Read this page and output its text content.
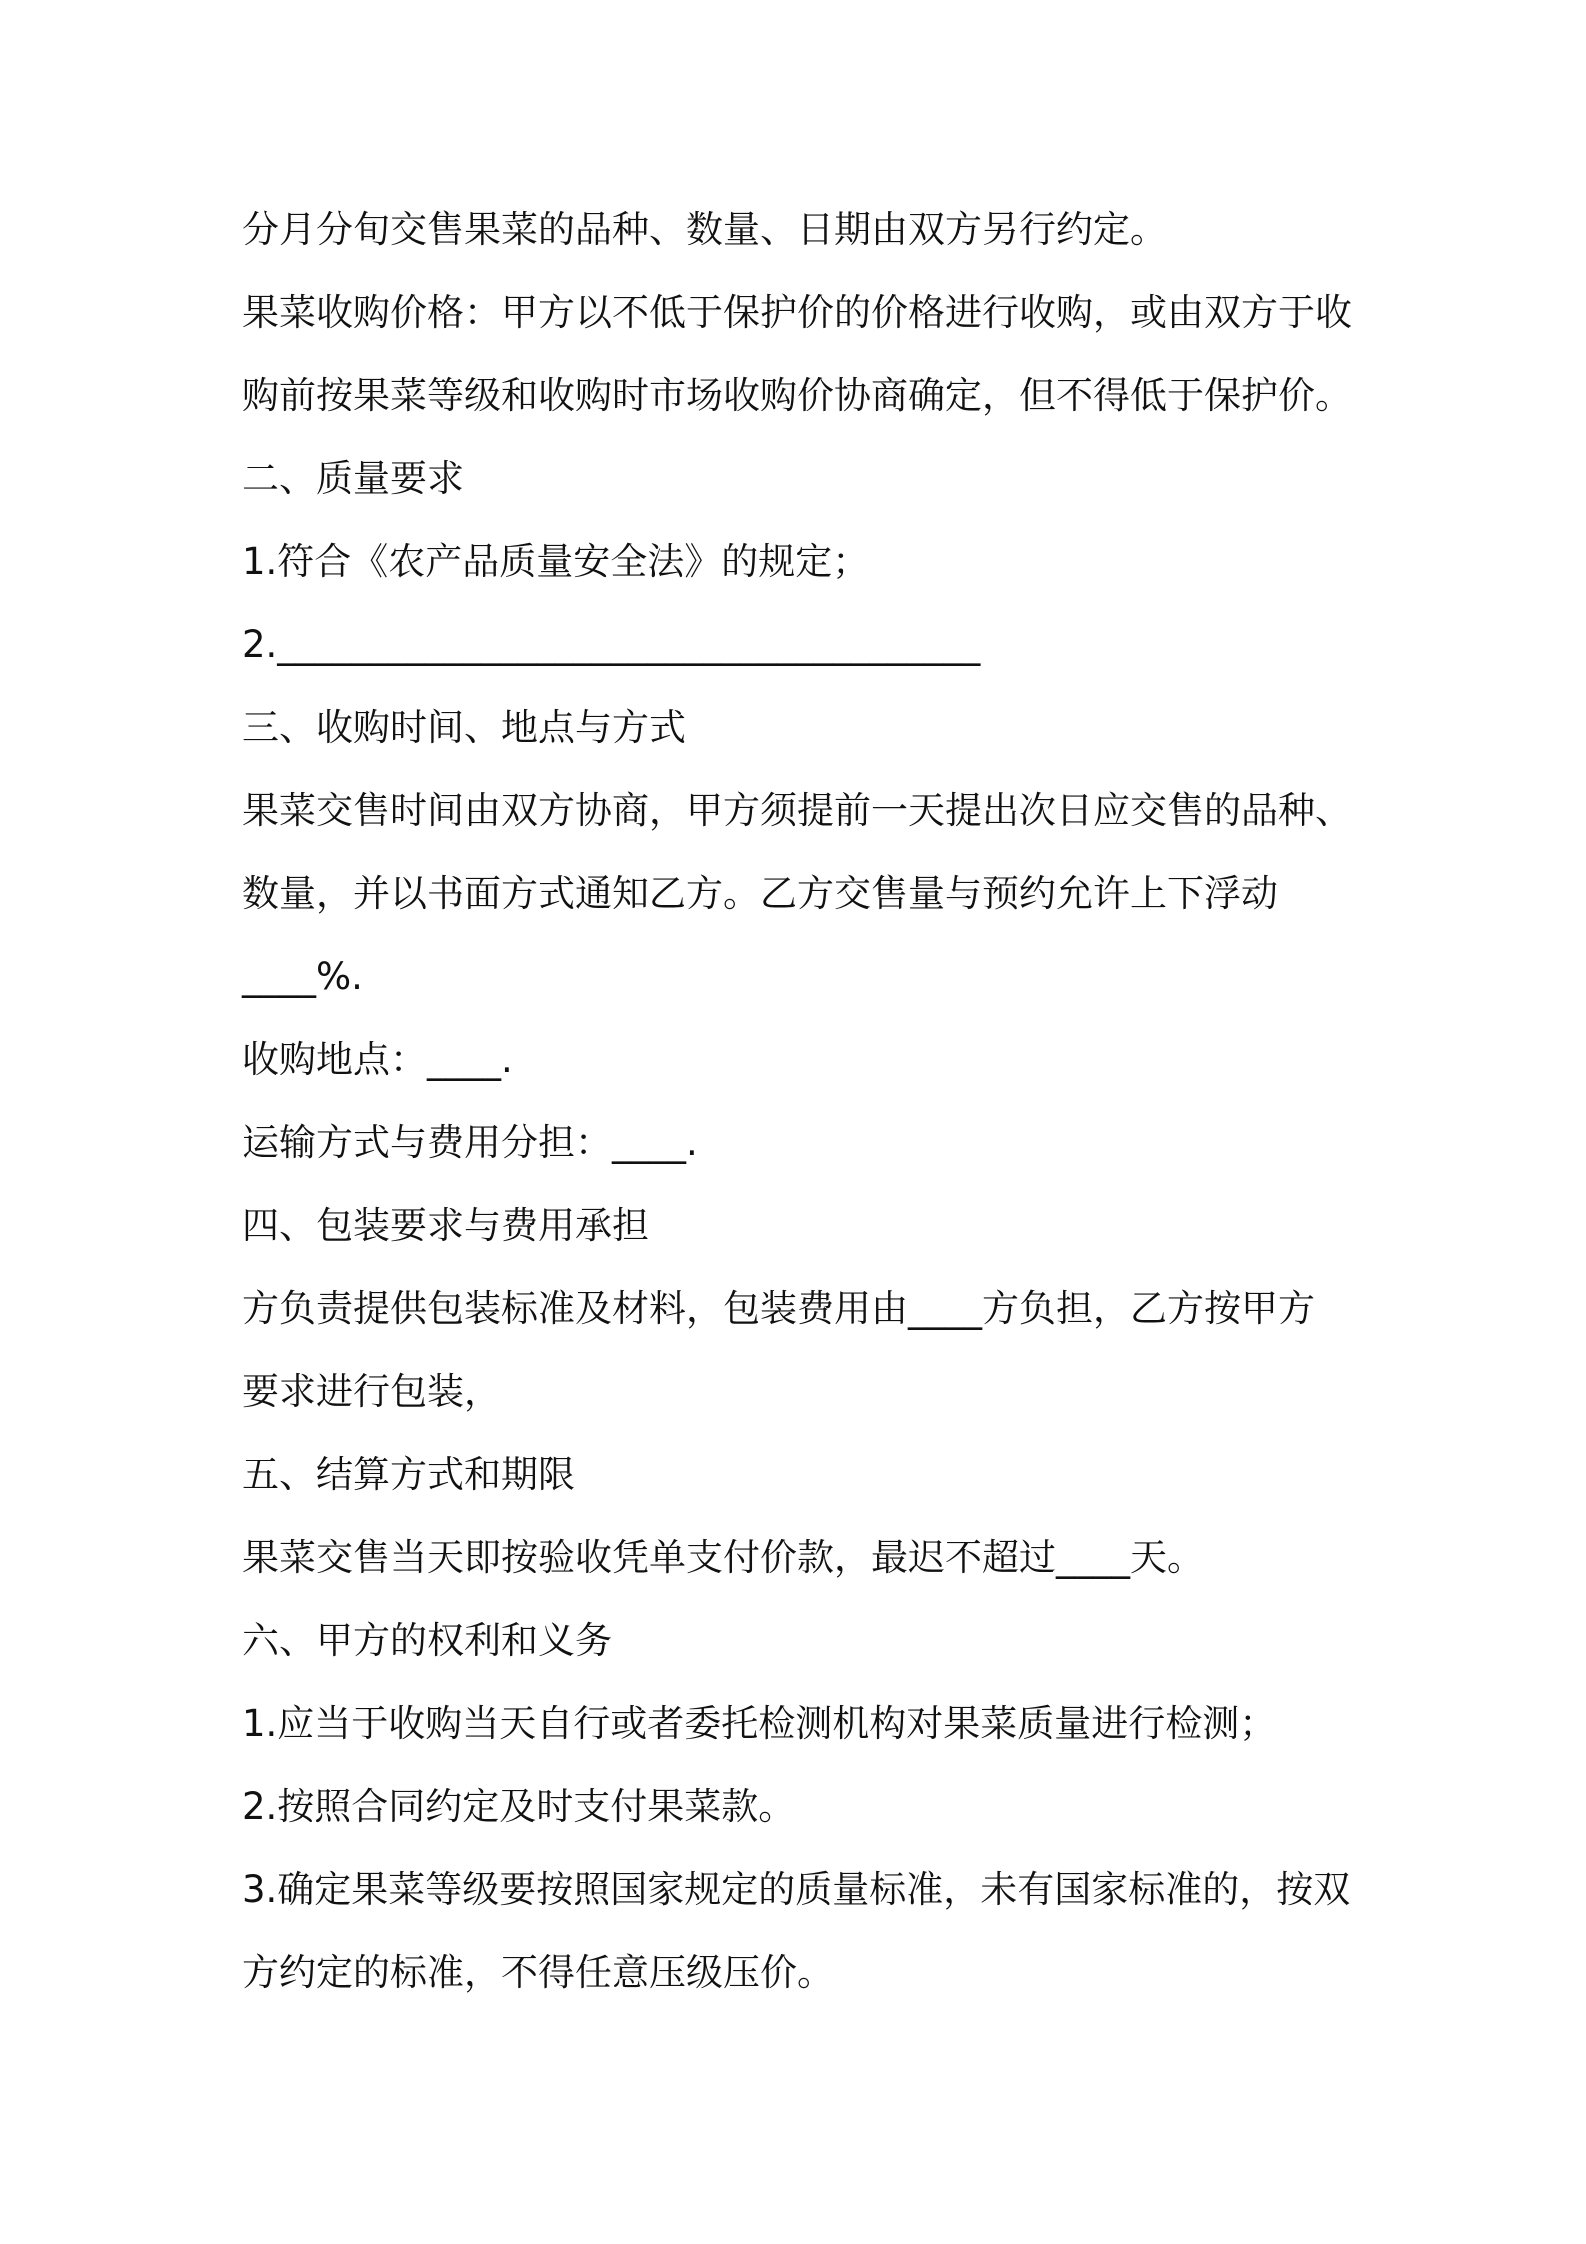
分月分旬交售果菜的品种、数量、日期由双方另行约定。
果菜收购价格：甲方以不低于保护价的价格进行收购，或由双方于收
购前按果菜等级和收购时市场收购价协商确定，但不得低于保护价。
二、质量要求
1.符合《农产品质量安全法》的规定；
2.______________________________________
三、收购时间、地点与方式
果菜交售时间由双方协商，甲方须提前一天提出次日应交售的品种、
数量，并以书面方式通知乙方。乙方交售量与预约允许上下浮动
____%.
收购地点：____.
运输方式与费用分担：____.
四、包装要求与费用承担
方负责提供包装标准及材料，包装费用由____方负担，乙方按甲方
要求进行包装，
五、结算方式和期限
果菜交售当天即按验收凭单支付价款，最迟不超过____天。
六、甲方的权利和义务
1.应当于收购当天自行或者委托检测机构对果菜质量进行检测；
2.按照合同约定及时支付果菜款。
3.确定果菜等级要按照国家规定的质量标准，未有国家标准的，按双
方约定的标准，不得任意压级压价。
